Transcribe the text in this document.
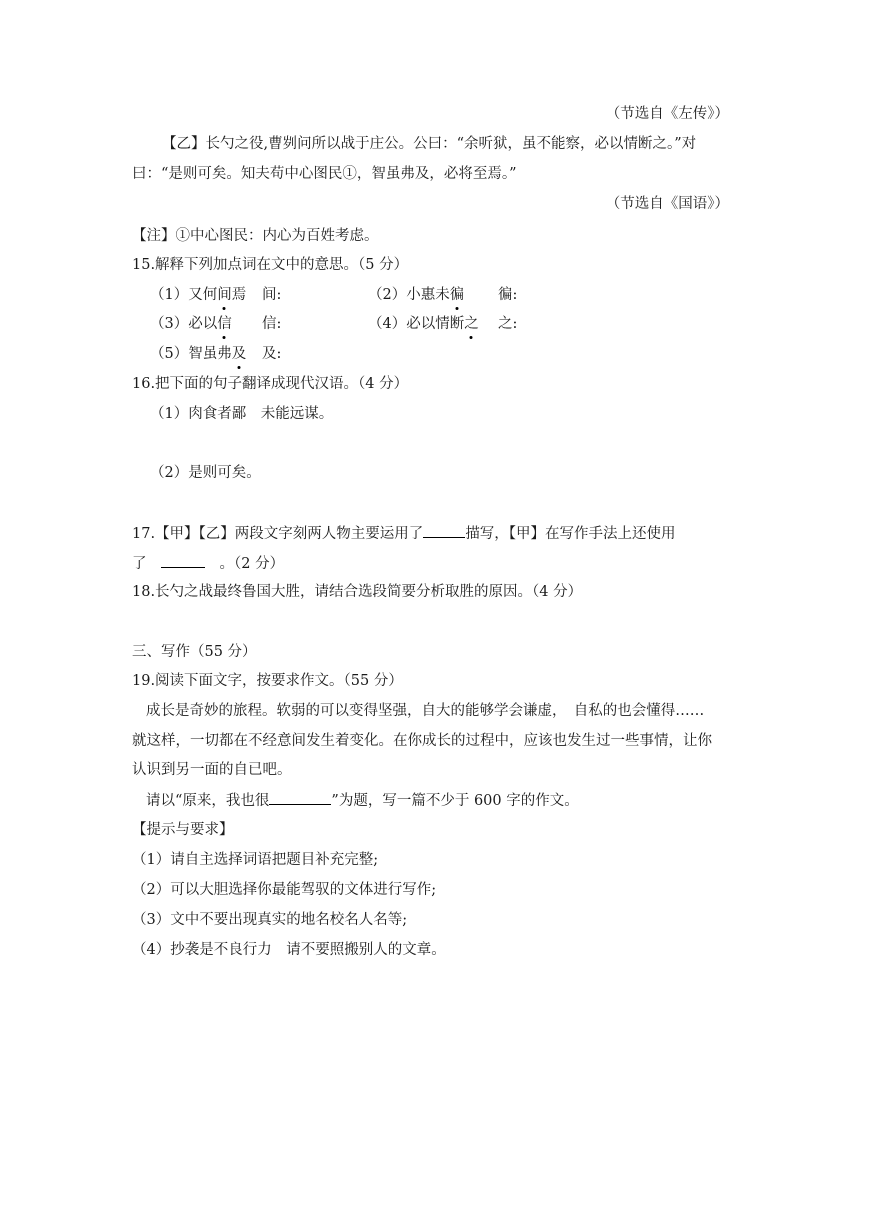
（节选自《左传》）
【乙】长勺之役,曹刿问所以战于庄公。公曰：“余听狱，虽不能察，必以情断之。”对
曰：“是则可矣。知夫苟中心图民①，智虽弗及，必将至焉。”
（节选自《国语》）
【注】①中心图民：内心为百姓考虑。
15.解释下列加点词在文中的意思。（5 分）
（1）又何间焉 间:	（2）小惠未徧 徧:
（3）必以信 信:	（4）必以情断之 之:
（5）智虽弗及 及:
16.把下面的句子翻译成现代汉语。（4 分）
（1）肉食者鄙　未能远谋。
（2）是则可矣。
17.【甲】【乙】两段文字刻两人物主要运用了	描写，【甲】在写作手法上还使用
了　　	。（2 分）
18.长勺之战最终鲁国大胜，请结合选段简要分析取胜的原因。（4 分）
三、写作（55 分）
19.阅读下面文字，按要求作文。（55 分）
成长是奇妙的旅程。软弱的可以变得坚强，自大的能够学会谦虚，　自私的也会懂得……
就这样，一切都在不经意间发生着变化。在你成长的过程中，应该也发生过一些事情，让你
认识到另一面的自已吧。
请以“原来，我也很	”为题，写一篇不少于 600 字的作文。
【提示与要求】
（1）请自主选择词语把题目补充完整;
（2）可以大胆选择你最能驾驭的文体进行写作;
（3）文中不要出现真实的地名校名人名等;
（4）抄袭是不良行力　请不要照搬别人的文章。
